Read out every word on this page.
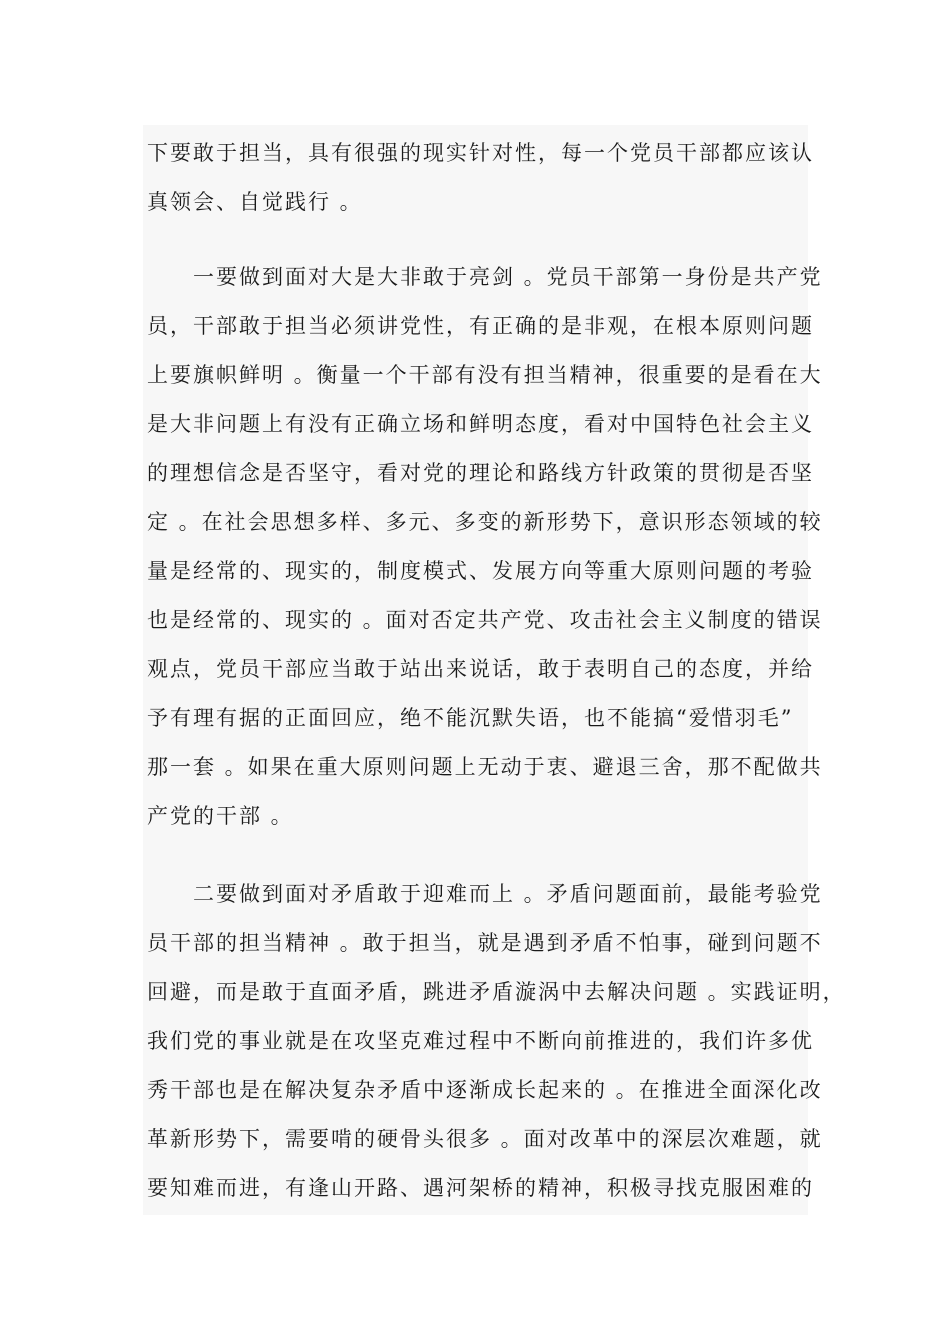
下要敢于担当，具有很强的现实针对性，每一个党员干部都应该认
真领会、自觉践行 。

　　一要做到面对大是大非敢于亮剑 。党员干部第一身份是共产党
员，干部敢于担当必须讲党性，有正确的是非观，在根本原则问题
上要旗帜鲜明 。衡量一个干部有没有担当精神，很重要的是看在大
是大非问题上有没有正确立场和鲜明态度，看对中国特色社会主义
的理想信念是否坚守，看对党的理论和路线方针政策的贯彻是否坚
定 。在社会思想多样、多元、多变的新形势下，意识形态领域的较
量是经常的、现实的，制度模式、发展方向等重大原则问题的考验
也是经常的、现实的 。面对否定共产党、攻击社会主义制度的错误
观点，党员干部应当敢于站出来说话，敢于表明自己的态度，并给
予有理有据的正面回应，绝不能沉默失语，也不能搞“爱惜羽毛”
那一套 。如果在重大原则问题上无动于衷、避退三舍，那不配做共
产党的干部 。

　　二要做到面对矛盾敢于迎难而上 。矛盾问题面前，最能考验党
员干部的担当精神 。敢于担当，就是遇到矛盾不怕事，碰到问题不
回避，而是敢于直面矛盾，跳进矛盾漩涡中去解决问题 。实践证明，
我们党的事业就是在攻坚克难过程中不断向前推进的，我们许多优
秀干部也是在解决复杂矛盾中逐渐成长起来的 。在推进全面深化改
革新形势下，需要啃的硬骨头很多 。面对改革中的深层次难题，就
要知难而进，有逢山开路、遇河架桥的精神，积极寻找克服困难的
